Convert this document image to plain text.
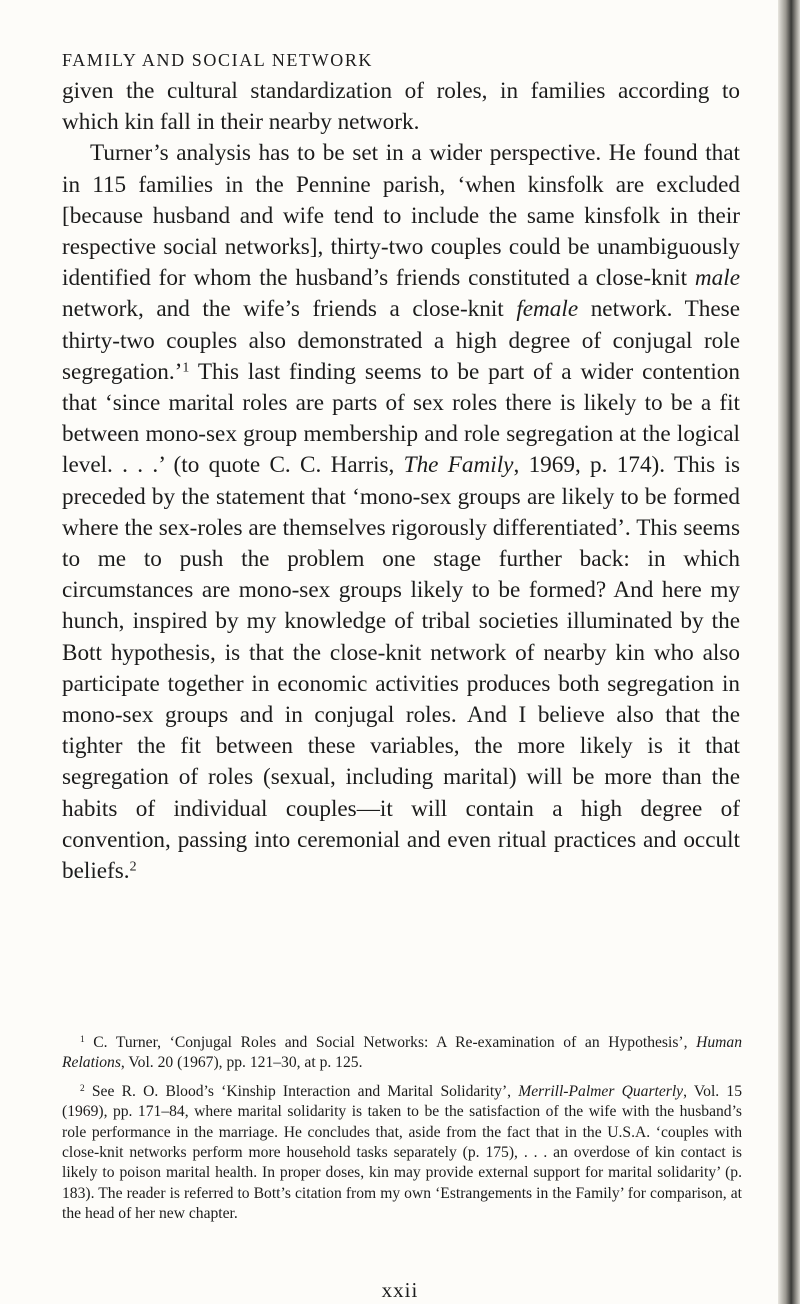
FAMILY AND SOCIAL NETWORK

given the cultural standardization of roles, in families according to which kin fall in their nearby network.

Turner’s analysis has to be set in a wider perspective. He found that in 115 families in the Pennine parish, ‘when kinsfolk are excluded [because husband and wife tend to include the same kinsfolk in their respective social networks], thirty-two couples could be unambiguously identified for whom the husband’s friends constituted a close-knit male network, and the wife’s friends a close-knit female network. These thirty-two couples also demonstrated a high degree of conjugal role segregation.’$^1$ This last finding seems to be part of a wider contention that ‘since marital roles are parts of sex roles there is likely to be a fit between mono-sex group membership and role segregation at the logical level. . . .’ (to quote C. C. Harris, The Family, 1969, p. 174). This is preceded by the statement that ‘mono-sex groups are likely to be formed where the sex-roles are themselves rigorously differentiated’. This seems to me to push the problem one stage further back: in which circumstances are mono-sex groups likely to be formed? And here my hunch, inspired by my knowledge of tribal societies illuminated by the Bott hypothesis, is that the close-knit network of nearby kin who also participate together in economic activities produces both segregation in mono-sex groups and in conjugal roles. And I believe also that the tighter the fit between these variables, the more likely is it that segregation of roles (sexual, including marital) will be more than the habits of individual couples—it will contain a high degree of convention, passing into ceremonial and even ritual practices and occult beliefs.$^2$

$^1$ C. Turner, ‘Conjugal Roles and Social Networks: A Re-examination of an Hypothesis’, Human Relations, Vol. 20 (1967), pp. 121–30, at p. 125.

$^2$ See R. O. Blood’s ‘Kinship Interaction and Marital Solidarity’, Merrill-Palmer Quarterly, Vol. 15 (1969), pp. 171–84, where marital solidarity is taken to be the satisfaction of the wife with the husband’s role performance in the marriage. He concludes that, aside from the fact that in the U.S.A. ‘couples with close-knit networks perform more household tasks separately (p. 175), . . . an overdose of kin contact is likely to poison marital health. In proper doses, kin may provide external support for marital solidarity’ (p. 183). The reader is referred to Bott’s citation from my own ‘Estrangements in the Family’ for comparison, at the head of her new chapter.

xxii
